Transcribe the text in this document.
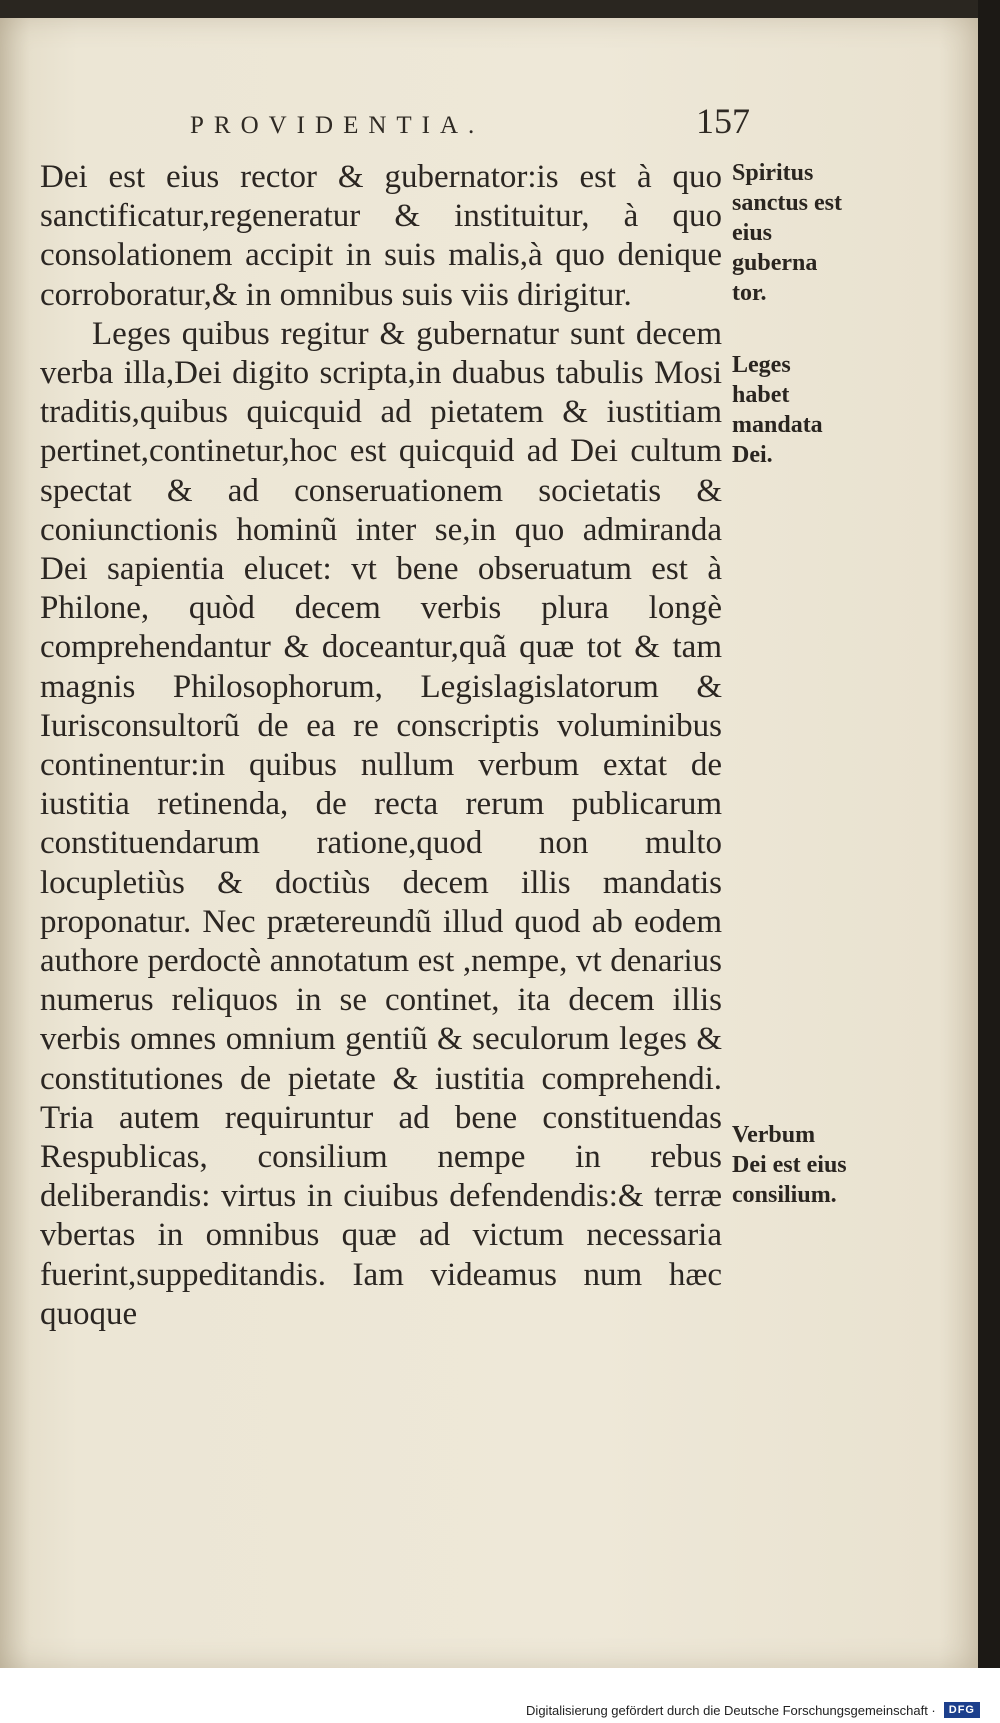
PROVIDENTIA.	157

Dei est eius rector & gubernator:is est à quo sanctificatur,regeneratur & instituitur, à quo consolationem accipit in suis malis,à quo denique corroboratur,& in omnibus suis viis dirigitur.

Leges quibus regitur & gubernatur sunt decem verba illa,Dei digito scripta,in duabus tabulis Mosi traditis,quibus quicquid ad pietatem & iustitiam pertinet,continetur,hoc est quicquid ad Dei cultum spectat & ad conseruationem societatis & coniunctionis hominũ inter se,in quo admiranda Dei sapientia elucet: vt bene obseruatum est à Philone, quòd decem verbis plura longè comprehendantur & doceantur,quã quæ tot & tam magnis Philosophorum, Legislagislatorum & Iurisconsultorũ de ea re conscriptis voluminibus continentur:in quibus nullum verbum extat de iustitia retinenda, de recta rerum publicarum constituendarum ratione,quod non multo locupletiùs & doctiùs decem illis mandatis proponatur. Nec prætereundũ illud quod ab eodem authore perdoctè annotatum est ,nempe, vt denarius numerus reliquos in se continet, ita decem illis verbis omnes omnium gentiũ & seculorum leges & constitutiones de pietate & iustitia comprehendi. Tria autem requiruntur ad bene constituendas Respublicas, consilium nempe in rebus deliberandis: virtus in ciuibus defendendis:& terræ vbertas in omnibus quæ ad victum necessaria fuerint,suppeditandis. Iam videamus num hæc quoque

Spiritus sanctus est eius guberna tor.
Leges habet mandata Dei.
Verbum Dei est eius consilium.
Digitalisierung gefördert durch die Deutsche Forschungsgemeinschaft ·	DFG
